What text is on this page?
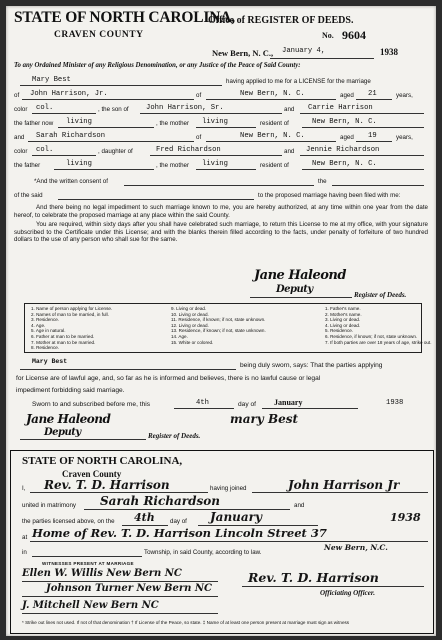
STATE OF NORTH CAROLINA,
CRAVEN COUNTY
Office of REGISTER OF DEEDS.
No. 9604
New Bern, N. C., January 4,	1938
To any Ordained Minister of any Religious Denomination, or any Justice of the Peace of Said County:
Mary Best	having applied to me for a LICENSE for the marriage
of John Harrison, Jr.	of	New Bern, N. C.	aged 21	years,
color col.	, the son of John Harrison, Sr.	and Carrie Harrison
the father now living	, the mother living	resident of	New Bern, N. C.
and Sarah Richardson	of	New Bern, N. C.	aged 19	years,
color col.	, daughter of	Fred Richardson	and Jennie Richardson
the father	living	, the mother living	resident of	New Bern, N. C.
*And the written consent of	the
of the said	to the proposed marriage having been filed with me:
And there being no legal impediment to such marriage known to me, you are hereby authorized, at any time within one year from the date hereof, to celebrate the proposed marriage at any place within the said County.
You are required, within sixty days after you shall have celebrated such marriage, to return this License to me at my office, with your signature subscribed to the Certificate under this License; and with the blanks therein filled according to the facts, under penalty of forfeiture of two hundred dollars to the use of any person who shall sue for the same.
Jane Haleond
Deputy	Register of Deeds.
1. Name of person applying for License.
2. Names of man to be married, in full.
3. Residence.
4. Age.
5. Age in natural.
6. Father at man to be married.
7. Mother at man to be married.
8. Residence.
9. Living or dead.
10. Living or dead.
11. Residence, if known; if not, state unknown.
12. Living or dead.
13. Residence, if known; if not, state unknown.
14. Age.
15. White or colored.
1. Father's name.
2. Mother's name.
3. Living or dead.
4. Living or dead.
5. Residence.
6. Residence, if known; if not, state unknown.
7. If both parties are over 18 years of age, strike out.
Mary Best
being duly sworn, says: That the parties applying
for License are of lawful age, and, so far as he is informed and believes, there is no lawful cause or legal
impediment forbidding said marriage.
Sworn to and subscribed before me, this	4th	day of January	1938
mary Best
Jane Haleond
Deputy	Register of Deeds.
STATE OF NORTH CAROLINA,
Craven County
I, Rev. T. D. Harrison	having joined	John Harrison Jr
united in matrimony Sarah Richardson	and
the parties licensed above, on the 4th day of January	1938
at Home of Rev. T. D. Harrison Lincoln Street 37
in	Township, in said County, according to law.
New Bern, N.C.
WITNESSES PRESENT AT MARRIAGE
Ellen W. Willis New Bern NC
Johnson Turner New Bern NC
J. Mitchell New Bern NC
Rev. T. D. Harrison
Officiating Officer.
* Strike out lines not used. If not of that denomination † If License of the Peace, so state. ‡ Name of at least one person present at marriage must sign as witness
